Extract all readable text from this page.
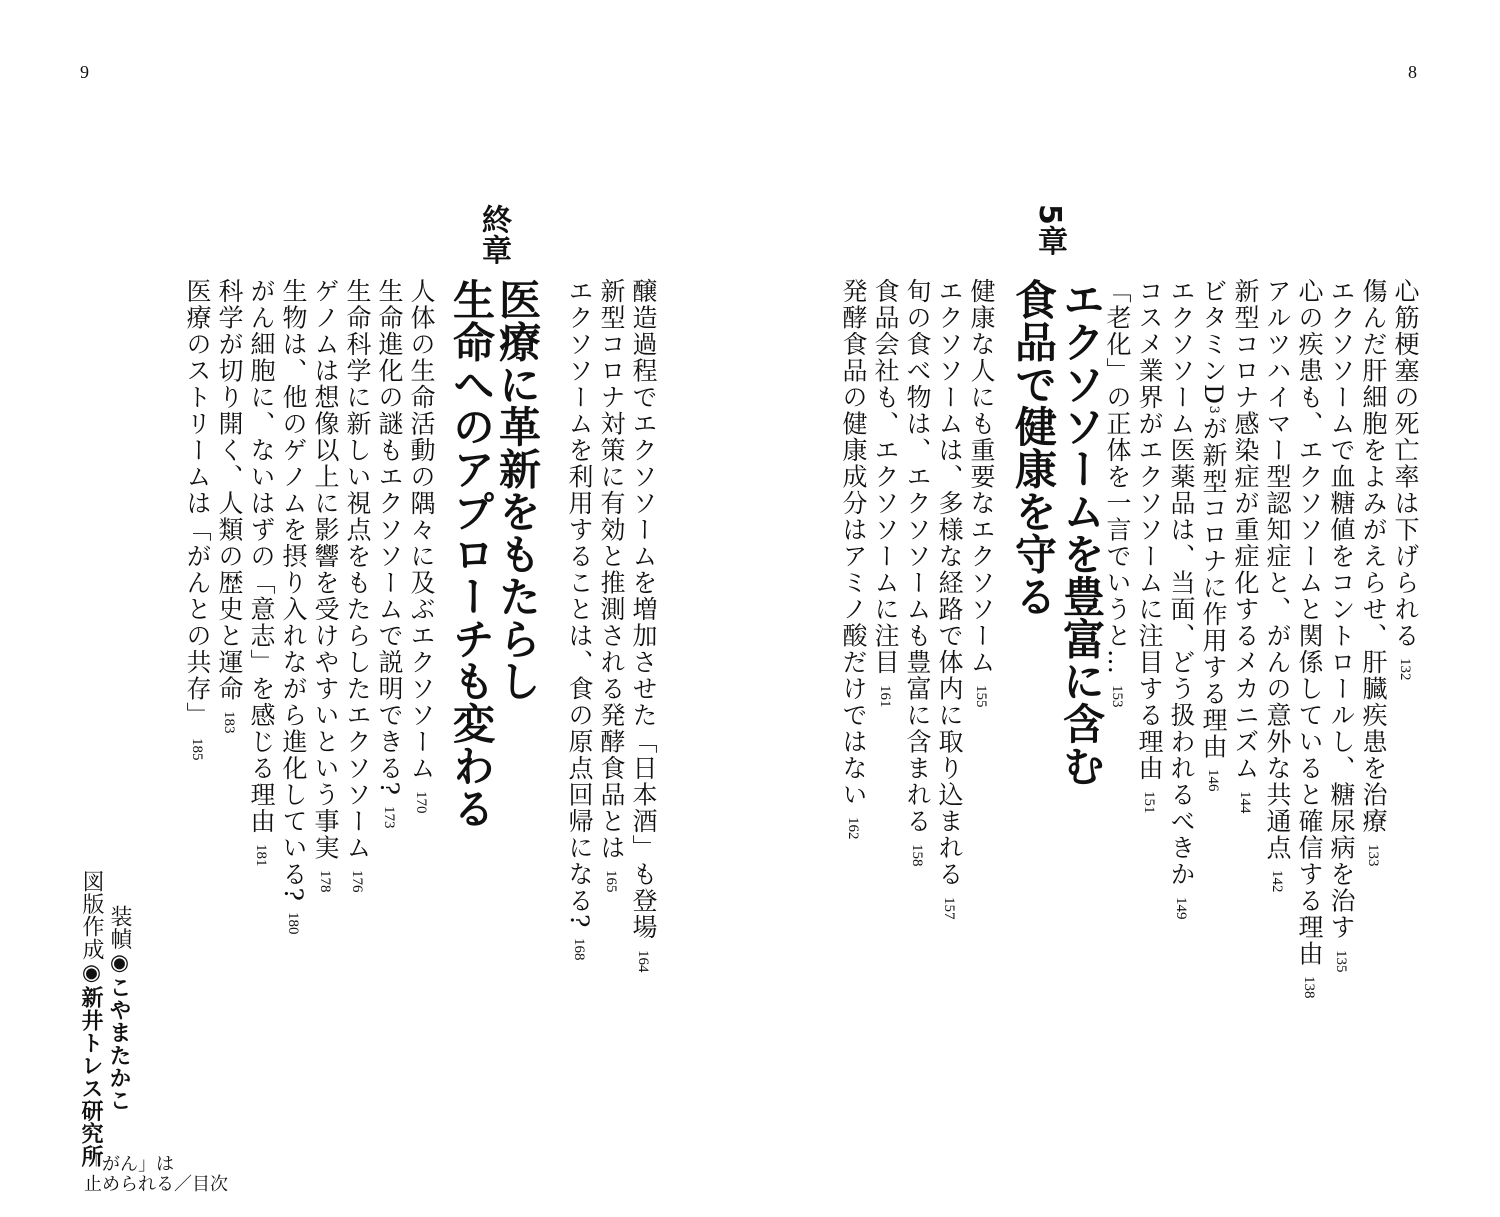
9	8
心筋梗塞の死亡率は下げられる 132
傷んだ肝細胞をよみがえらせ、肝臓疾患を治療 133
エクソソームで血糖値をコントロールし、糖尿病を治す 135
心の疾患も、エクソソームと関係していると確信する理由 138
アルツハイマー型認知症と、がんの意外な共通点 142
新型コロナ感染症が重症化するメカニズム 144
ビタミンD3が新型コロナに作用する理由 146
エクソソーム医薬品は、当面、どう扱われるべきか 149
コスメ業界がエクソソームに注目する理由 151
「老化」の正体を一言でいうと… 153
5章
エクソソームを豊富に含む
食品で健康を守る
健康な人にも重要なエクソソーム 155
エクソソームは、多様な経路で体内に取り込まれる 157
旬の食べ物は、エクソソームも豊富に含まれる 158
食品会社も、エクソソームに注目 161
発酵食品の健康成分はアミノ酸だけではない 162
醸造過程でエクソソームを増加させた「日本酒」も登場 164
新型コロナ対策に有効と推測される発酵食品とは 165
エクソソームを利用することは、食の原点回帰になる? 168
終章
医療に革新をもたらし
生命へのアプローチも変わる
人体の生命活動の隅々に及ぶエクソソーム 170
生命進化の謎もエクソソームで説明できる? 173
生命科学に新しい視点をもたらしたエクソソーム 176
ゲノムは想像以上に影響を受けやすいという事実 178
生物は、他のゲノムを摂り入れながら進化している? 180
がん細胞に、ないはずの「意志」を感じる理由 181
科学が切り開く、人類の歴史と運命 183
医療のストリームは「がんとの共存」 185
装幀◉こやまたかこ
図版作成◉新井トレス研究所
「がん」は
止められる／目次
